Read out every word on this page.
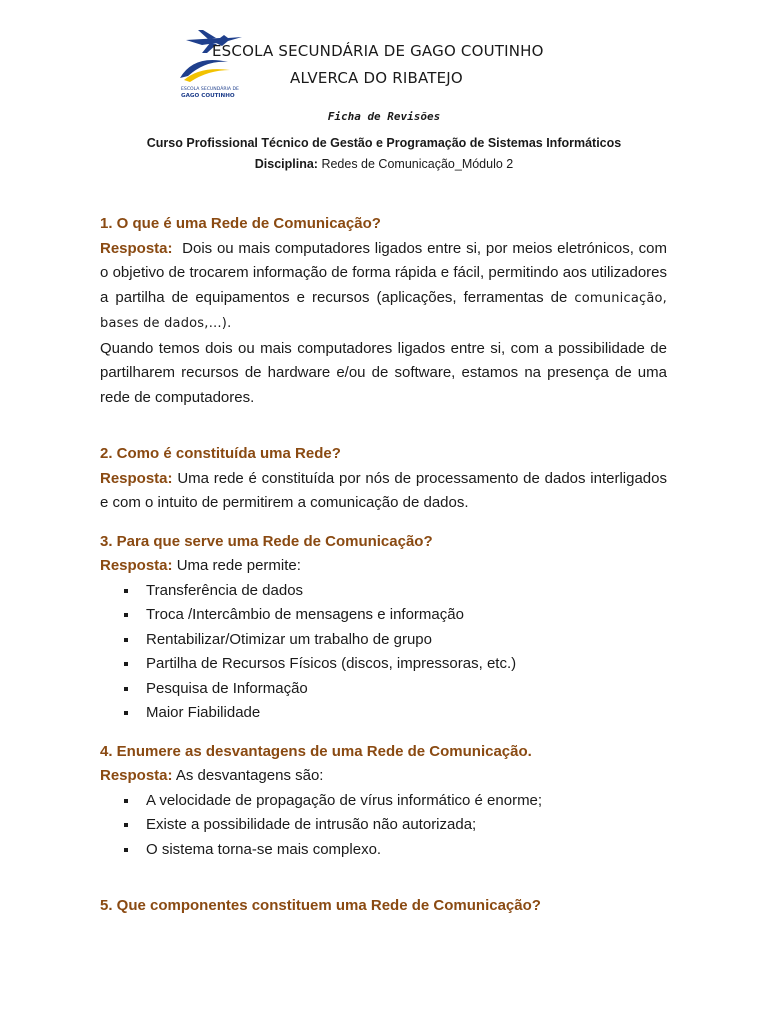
ESCOLA SECUNDÁRIA DE
GAGO COUTINHO
ESCOLA SECUNDÁRIA DE GAGO COUTINHO
ALVERCA DO RIBATEJO
Ficha de Revisões
Curso Profissional Técnico de Gestão e Programação de Sistemas Informáticos
Disciplina: Redes de Comunicação_Módulo 2

1. O que é uma Rede de Comunicação?

Resposta: Dois ou mais computadores ligados entre si, por meios eletrónicos, com o objetivo de trocarem informação de forma rápida e fácil, permitindo aos utilizadores a partilha de equipamentos e recursos (aplicações, ferramentas de comunicação, bases de dados,…).

Quando temos dois ou mais computadores ligados entre si, com a possibilidade de partilharem recursos de hardware e/ou de software, estamos na presença de uma rede de computadores.

2. Como é constituída uma Rede?

Resposta: Uma rede é constituída por nós de processamento de dados interligados e com o intuito de permitirem a comunicação de dados.

3. Para que serve uma Rede de Comunicação?

Resposta: Uma rede permite:

Transferência de dados
Troca /Intercâmbio de mensagens e informação
Rentabilizar/Otimizar um trabalho de grupo
Partilha de Recursos Físicos (discos, impressoras, etc.)
Pesquisa de Informação
Maior Fiabilidade

4. Enumere as desvantagens de uma Rede de Comunicação.

Resposta: As desvantagens são:

A velocidade de propagação de vírus informático é enorme;
Existe a possibilidade de intrusão não autorizada;
O sistema torna-se mais complexo.

5. Que componentes constituem uma Rede de Comunicação?
